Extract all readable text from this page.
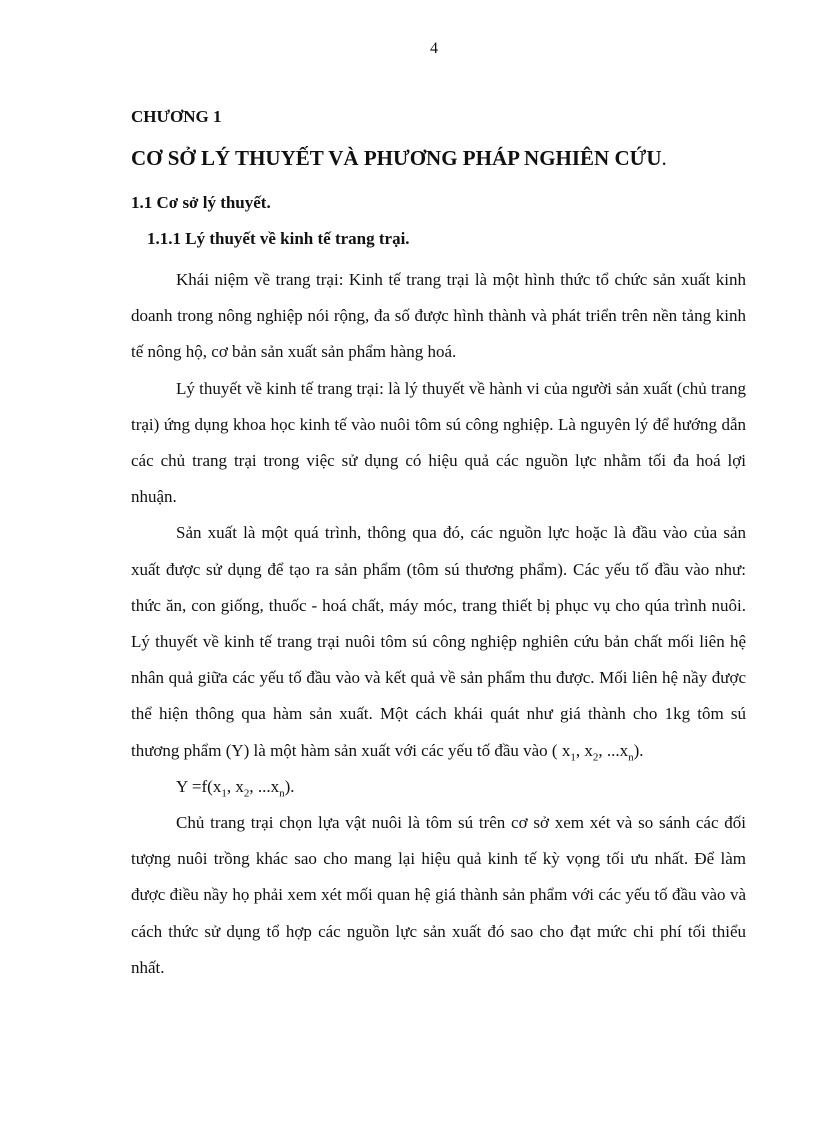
4
CHƯƠNG 1
CƠ SỞ LÝ THUYẾT VÀ PHƯƠNG PHÁP NGHIÊN CỨU.
1.1 Cơ sở lý thuyết.
1.1.1 Lý thuyết về kinh tế trang trại.

Khái niệm về trang trại: Kinh tế trang trại là một hình thức tổ chức sản xuất kinh doanh trong nông nghiệp nói rộng, đa số được hình thành và phát triển trên nền tảng kinh tế nông hộ, cơ bản sản xuất sản phẩm hàng hoá.

Lý thuyết về kinh tế trang trại: là lý thuyết về hành vi của người sản xuất (chủ trang trại) ứng dụng khoa học kinh tế vào nuôi tôm sú công nghiệp. Là nguyên lý để hướng dẫn các chủ trang trại trong việc sử dụng có hiệu quả các nguồn lực nhằm tối đa hoá lợi nhuận.

Sản xuất là một quá trình, thông qua đó, các nguồn lực hoặc là đầu vào của sản xuất được sử dụng để tạo ra sản phẩm (tôm sú thương phẩm). Các yếu tố đầu vào như: thức ăn, con giống, thuốc - hoá chất, máy móc, trang thiết bị phục vụ cho qúa trình nuôi. Lý thuyết về kinh tế trang trại nuôi tôm sú công nghiệp nghiên cứu bản chất mối liên hệ nhân quả giữa các yếu tố đầu vào và kết quả về sản phẩm thu được. Mối liên hệ nầy được thể hiện thông qua hàm sản xuất. Một cách khái quát như giá thành cho 1kg tôm sú thương phẩm (Y) là một hàm sản xuất với các yếu tố đầu vào ( $x_1$, $x_2$, $...x_n$).

$Y =f(x_1$, $x_2$, $...x_n$).

Chủ trang trại chọn lựa vật nuôi là tôm sú trên cơ sở xem xét và so sánh các đối tượng nuôi trồng khác sao cho mang lại hiệu quả kinh tế kỳ vọng tối ưu nhất. Để làm được điều nầy họ phải xem xét mối quan hệ giá thành sản phẩm với các yếu tố đầu vào và cách thức sử dụng tổ hợp các nguồn lực sản xuất đó sao cho đạt mức chi phí tối thiểu nhất.
